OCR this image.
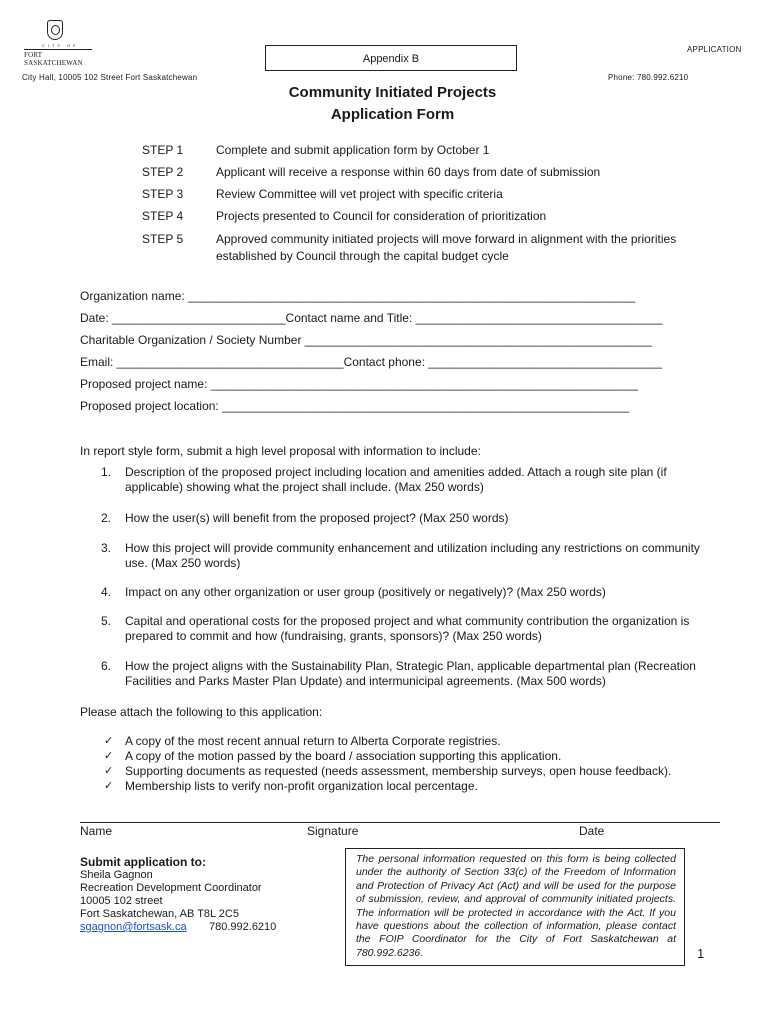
CITY OF
FORT SASKATCHEWAN
APPLICATION
Appendix B
City Hall, 10005 102 Street Fort Saskatchewan	Phone: 780.992.6210
Community Initiated Projects
Application Form
STEP 1	Complete and submit application form by October 1
STEP 2	Applicant will receive a response within 60 days from date of submission
STEP 3	Review Committee will vet project with specific criteria
STEP 4	Projects presented to Council for consideration of prioritization
STEP 5	Approved community initiated projects will move forward in alignment with the priorities established by Council through the capital budget cycle
Organization name: ___________________________________________________________________
Date: __________________________Contact name and Title: _____________________________________
Charitable Organization / Society Number ____________________________________________________
Email: __________________________________Contact phone: ___________________________________
Proposed project name: ________________________________________________________________
Proposed project location: _____________________________________________________________
In report style form, submit a high level proposal with information to include:
1. Description of the proposed project including location and amenities added. Attach a rough site plan (if applicable) showing what the project shall include. (Max 250 words)
2. How the user(s) will benefit from the proposed project? (Max 250 words)
3. How this project will provide community enhancement and utilization including any restrictions on community use. (Max 250 words)
4. Impact on any other organization or user group (positively or negatively)? (Max 250 words)
5. Capital and operational costs for the proposed project and what community contribution the organization is prepared to commit and how (fundraising, grants, sponsors)? (Max 250 words)
6. How the project aligns with the Sustainability Plan, Strategic Plan, applicable departmental plan (Recreation Facilities and Parks Master Plan Update) and intermunicipal agreements. (Max 500 words)
Please attach the following to this application:
✓ A copy of the most recent annual return to Alberta Corporate registries.
✓ A copy of the motion passed by the board / association supporting this application.
✓ Supporting documents as requested (needs assessment, membership surveys, open house feedback).
✓ Membership lists to verify non-profit organization local percentage.
Name	Signature	Date
Submit application to:
Sheila Gagnon
Recreation Development Coordinator
10005 102 street
Fort Saskatchewan, AB T8L 2C5
sgagnon@fortsask.ca 780.992.6210
The personal information requested on this form is being collected under the authority of Section 33(c) of the Freedom of Information and Protection of Privacy Act (Act) and will be used for the purpose of submission, review, and approval of community initiated projects. The information will be protected in accordance with the Act. If you have questions about the collection of information, please contact the FOIP Coordinator for the City of Fort Saskatchewan at 780.992.6236.	1
